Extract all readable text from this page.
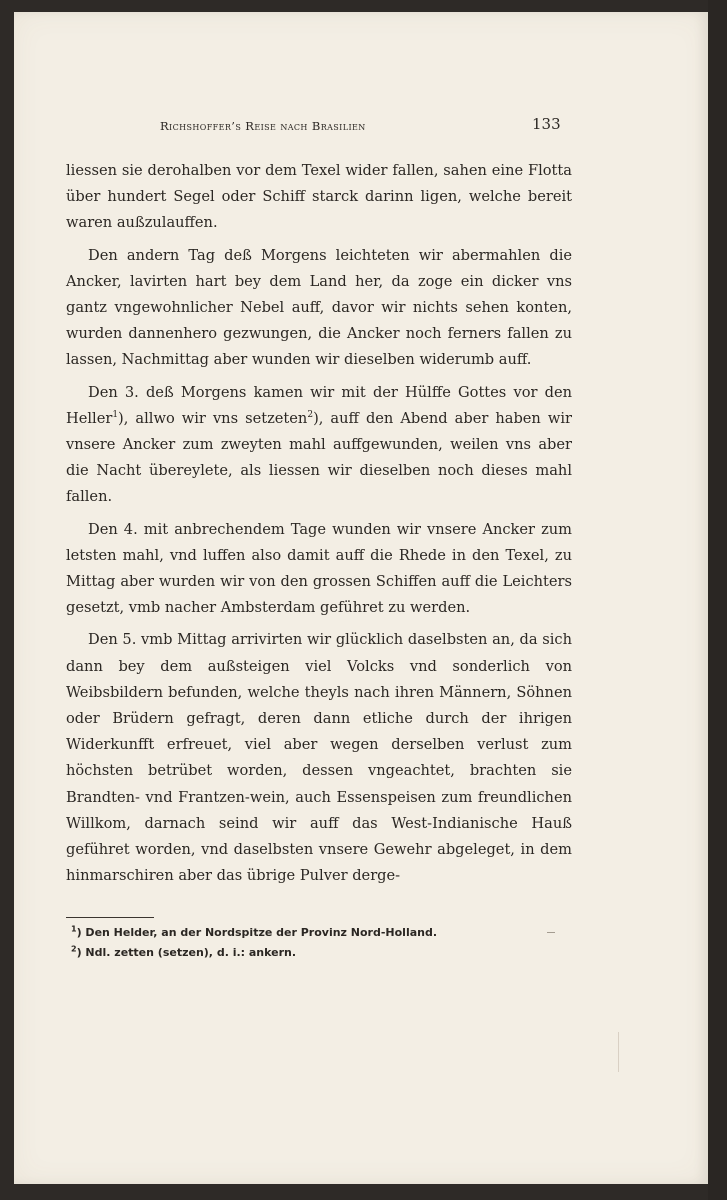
Richshoffer’s Reise nach Brasilien	133

liessen sie derohalben vor dem Texel wider fallen, sahen eine Flotta über hundert Segel oder Schiff starck darinn ligen, welche bereit waren außzulauffen.

Den andern Tag deß Morgens leichteten wir abermahlen die Ancker, lavirten hart bey dem Land her, da zoge ein dicker vns gantz vngewohnlicher Nebel auff, davor wir nichts sehen konten, wurden dannenhero gezwungen, die Ancker noch ferners fallen zu lassen, Nachmittag aber wunden wir dieselben widerumb auff.

Den 3. deß Morgens kamen wir mit der Hülffe Gottes vor den Heller$^1$), allwo wir vns setzeten$^2$), auff den Abend aber haben wir vnsere Ancker zum zweyten mahl auffgewunden, weilen vns aber die Nacht übereylete, als liessen wir dieselben noch dieses mahl fallen.

Den 4. mit anbrechendem Tage wunden wir vnsere Ancker zum letsten mahl, vnd luffen also damit auff die Rhede in den Texel, zu Mittag aber wurden wir von den grossen Schiffen auff die Leichters gesetzt, vmb nacher Ambsterdam geführet zu werden.

Den 5. vmb Mittag arrivirten wir glücklich daselbsten an, da sich dann bey dem außsteigen viel Volcks vnd sonderlich von Weibsbildern befunden, welche theyls nach ihren Männern, Söhnen oder Brüdern gefragt, deren dann etliche durch der ihrigen Widerkunfft erfreuet, viel aber wegen derselben verlust zum höchsten betrübet worden, dessen vngeachtet, brachten sie Brandten- vnd Frantzen-wein, auch Essenspeisen zum freundlichen Willkom, darnach seind wir auff das West-Indianische Hauß geführet worden, vnd daselbsten vnsere Gewehr abgeleget, in dem hinmarschiren aber das übrige Pulver derge-

$^1$) Den Helder, an der Nordspitze der Provinz Nord-Holland.
$^2$) Ndl. zetten (setzen), d. i.: ankern.
